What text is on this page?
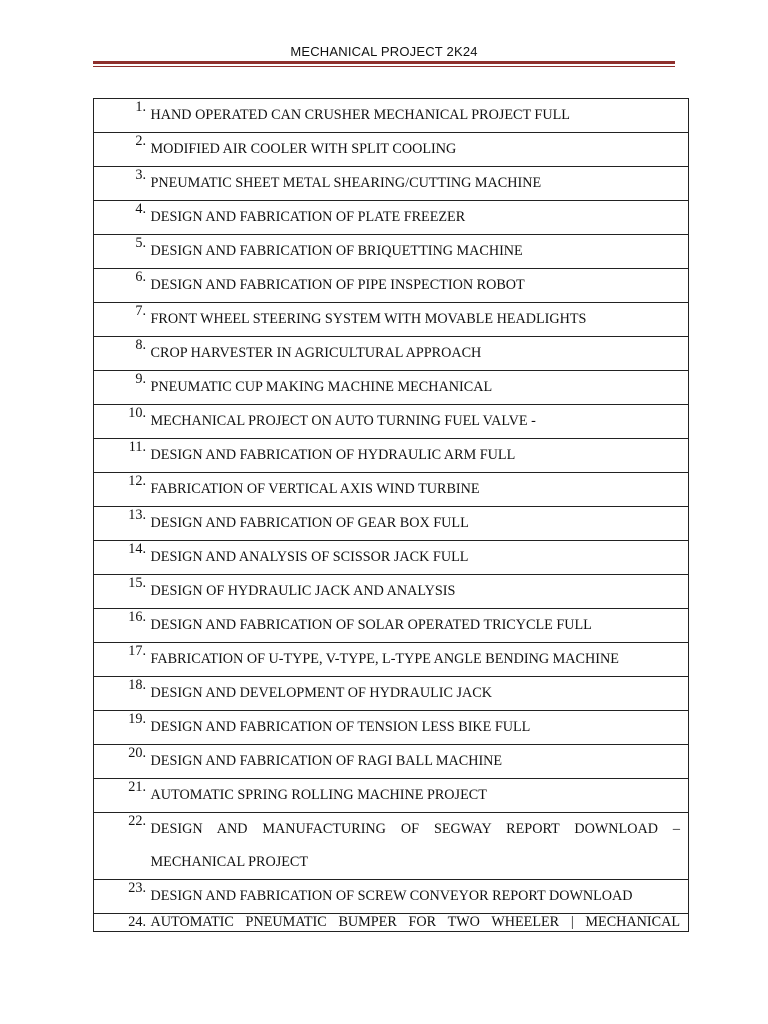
MECHANICAL PROJECT 2K24
1.
HAND OPERATED CAN CRUSHER MECHANICAL PROJECT FULL

2.
MODIFIED AIR COOLER WITH SPLIT COOLING

3.
PNEUMATIC SHEET METAL SHEARING/CUTTING MACHINE

4.
DESIGN AND FABRICATION OF PLATE FREEZER

5.
DESIGN AND FABRICATION OF BRIQUETTING MACHINE

6.
DESIGN AND FABRICATION OF PIPE INSPECTION ROBOT

7.
FRONT WHEEL STEERING SYSTEM WITH MOVABLE HEADLIGHTS

8.
CROP HARVESTER IN AGRICULTURAL APPROACH

9.
PNEUMATIC CUP MAKING MACHINE MECHANICAL

10.
MECHANICAL PROJECT ON AUTO TURNING FUEL VALVE -

11.
DESIGN AND FABRICATION OF HYDRAULIC ARM FULL

12.
FABRICATION OF VERTICAL AXIS WIND TURBINE

13.
DESIGN AND FABRICATION OF GEAR BOX FULL

14.
DESIGN AND ANALYSIS OF SCISSOR JACK FULL

15.
DESIGN OF HYDRAULIC JACK AND ANALYSIS

16.
DESIGN AND FABRICATION OF SOLAR OPERATED TRICYCLE FULL

17.
FABRICATION OF U-TYPE, V-TYPE, L-TYPE ANGLE BENDING MACHINE

18.
DESIGN AND DEVELOPMENT OF HYDRAULIC JACK

19.
DESIGN AND FABRICATION OF TENSION LESS BIKE FULL

20.
DESIGN AND FABRICATION OF RAGI BALL MACHINE

21.
AUTOMATIC SPRING ROLLING MACHINE PROJECT

22.
DESIGN AND MANUFACTURING OF SEGWAY REPORT DOWNLOAD – MECHANICAL PROJECT

23.
DESIGN AND FABRICATION OF SCREW CONVEYOR REPORT DOWNLOAD

24.
AUTOMATIC PNEUMATIC BUMPER FOR TWO WHEELER | MECHANICAL
